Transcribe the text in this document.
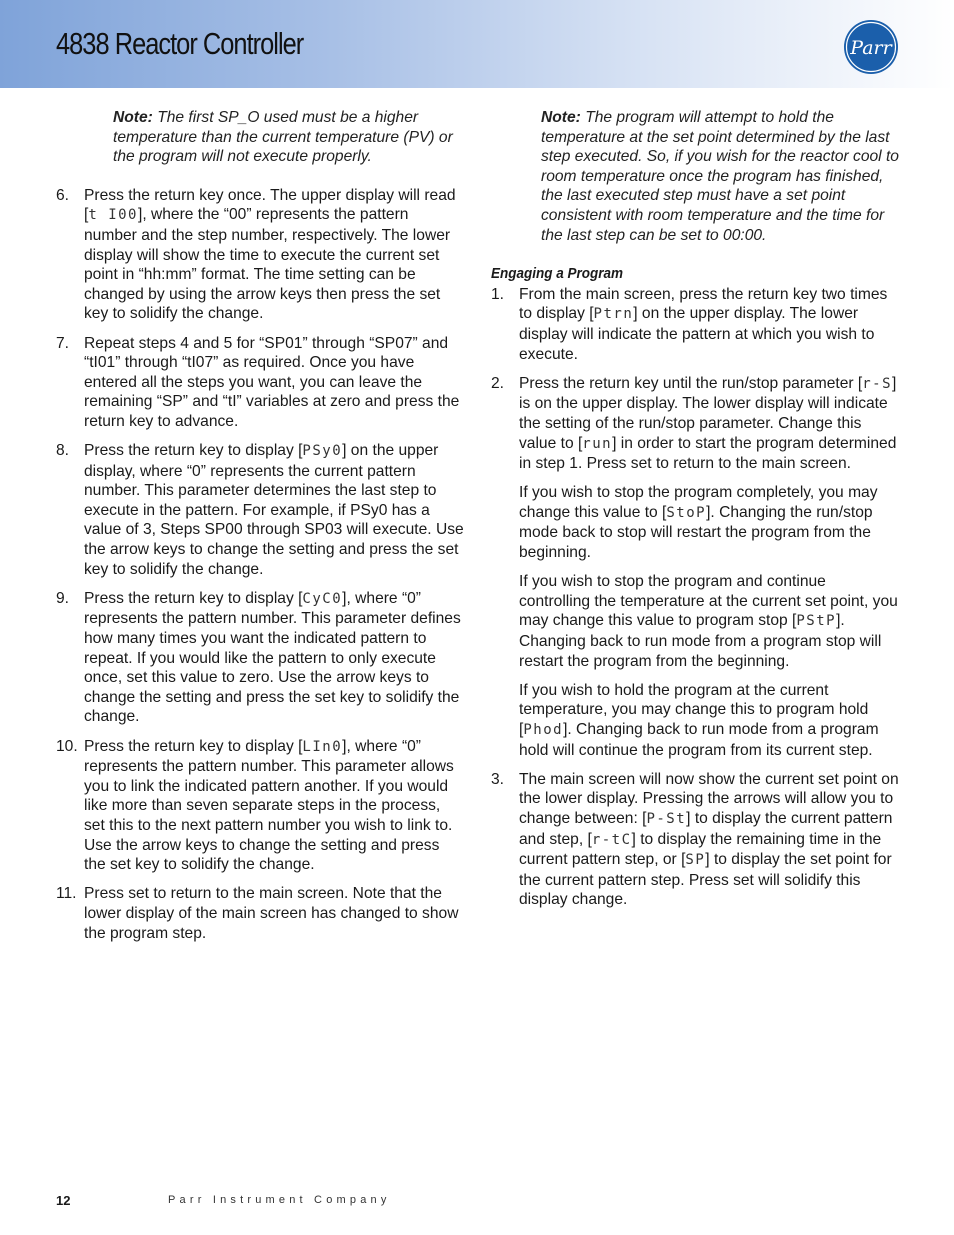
4838 Reactor Controller	Parr
Note: The first SP_O used must be a higher temperature than the current temperature (PV) or the program will not execute properly.
6. Press the return key once. The upper display will read [t I00], where the “00” represents the pattern number and the step number, respectively. The lower display will show the time to execute the current set point in “hh:mm” format. The time setting can be changed by using the arrow keys then press the set key to solidify the change.
7. Repeat steps 4 and 5 for “SP01” through “SP07” and “tI01” through “tI07” as required. Once you have entered all the steps you want, you can leave the remaining “SP” and “tI” variables at zero and press the return key to advance.
8. Press the return key to display [PSy0] on the upper display, where “0” represents the current pattern number. This parameter determines the last step to execute in the pattern. For example, if PSy0 has a value of 3, Steps SP00 through SP03 will execute. Use the arrow keys to change the setting and press the set key to solidify the change.
9. Press the return key to display [CyC0], where “0” represents the pattern number. This parameter defines how many times you want the indicated pattern to repeat. If you would like the pattern to only execute once, set this value to zero. Use the arrow keys to change the setting and press the set key to solidify the change.
10. Press the return key to display [LIn0], where “0” represents the pattern number. This parameter allows you to link the indicated pattern another. If you would like more than seven separate steps in the process, set this to the next pattern number you wish to link to. Use the arrow keys to change the setting and press the set key to solidify the change.
11. Press set to return to the main screen. Note that the lower display of the main screen has changed to show the program step.
Note: The program will attempt to hold the temperature at the set point determined by the last step executed. So, if you wish for the reactor cool to room temperature once the program has finished, the last executed step must have a set point consistent with room temperature and the time for the last step can be set to 00:00.
Engaging a Program
1. From the main screen, press the return key two times to display [Ptrn] on the upper display. The lower display will indicate the pattern at which you wish to execute.
2. Press the return key until the run/stop parameter [r-S] is on the upper display. The lower display will indicate the setting of the run/stop parameter. Change this value to [run] in order to start the program determined in step 1. Press set to return to the main screen.

If you wish to stop the program completely, you may change this value to [StoP]. Changing the run/stop mode back to stop will restart the program from the beginning.

If you wish to stop the program and continue controlling the temperature at the current set point, you may change this value to program stop [PStP]. Changing back to run mode from a program stop will restart the program from the beginning.

If you wish to hold the program at the current temperature, you may change this to program hold [Phod]. Changing back to run mode from a program hold will continue the program from its current step.

3. The main screen will now show the current set point on the lower display. Pressing the arrows will allow you to change between: [P-St] to display the current pattern and step, [r-tC] to display the remaining time in the current pattern step, or [SP] to display the set point for the current pattern step. Press set will solidify this display change.
12	Parr Instrument Company
